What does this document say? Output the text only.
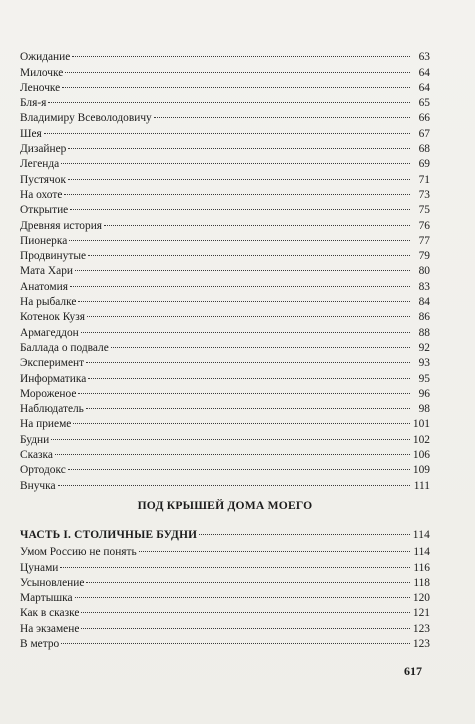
Ожидание	63
Милочке	64
Леночке	64
Бля-я	65
Владимиру Всеволодовичу	66
Шея	67
Дизайнер	68
Легенда	69
Пустячок	71
На охоте	73
Открытие	75
Древняя история	76
Пионерка	77
Продвинутые	79
Мата Хари	80
Анатомия	83
На рыбалке	84
Котенок Кузя	86
Армагеддон	88
Баллада о подвале	92
Эксперимент	93
Информатика	95
Мороженое	96
Наблюдатель	98
На приеме	101
Будни	102
Сказка	106
Ортодокс	109
Внучка	111
ПОД КРЫШЕЙ ДОМА МОЕГО
ЧАСТЬ I. СТОЛИЧНЫЕ БУДНИ	114
Умом Россию не понять	114
Цунами	116
Усыновление	118
Мартышка	120
Как в сказке	121
На экзамене	123
В метро	123
617
